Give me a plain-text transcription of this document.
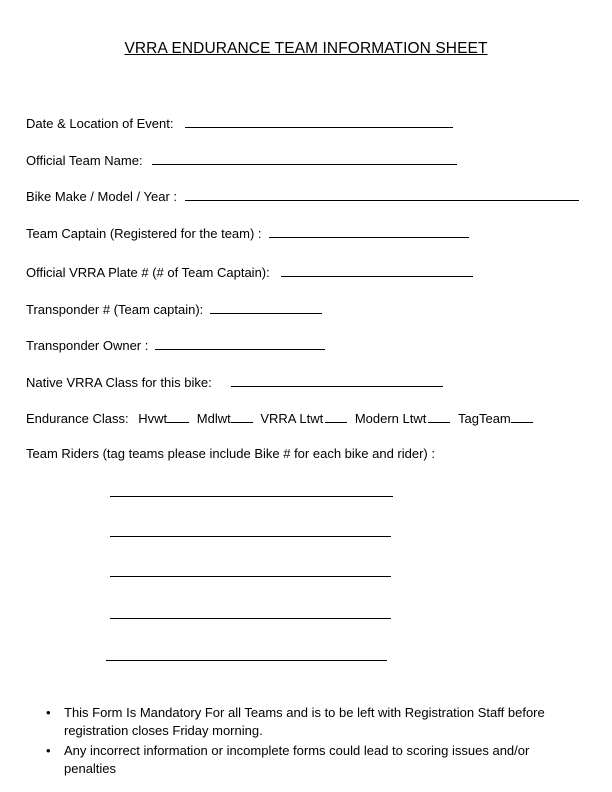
VRRA ENDURANCE TEAM INFORMATION SHEET
Date & Location of Event:
Official Team Name:
Bike Make / Model / Year :
Team Captain (Registered for the team) :
Official VRRA Plate # (# of Team Captain):
Transponder # (Team captain):
Transponder Owner :
Native VRRA Class for this bike:
Endurance Class: Hvwt Mdlwt VRRA Ltwt Modern Ltwt TagTeam
Team Riders (tag teams please include Bike # for each bike and rider) :
• This Form Is Mandatory For all Teams and is to be left with Registration Staff before registration closes Friday morning.
• Any incorrect information or incomplete forms could lead to scoring issues and/or penalties
